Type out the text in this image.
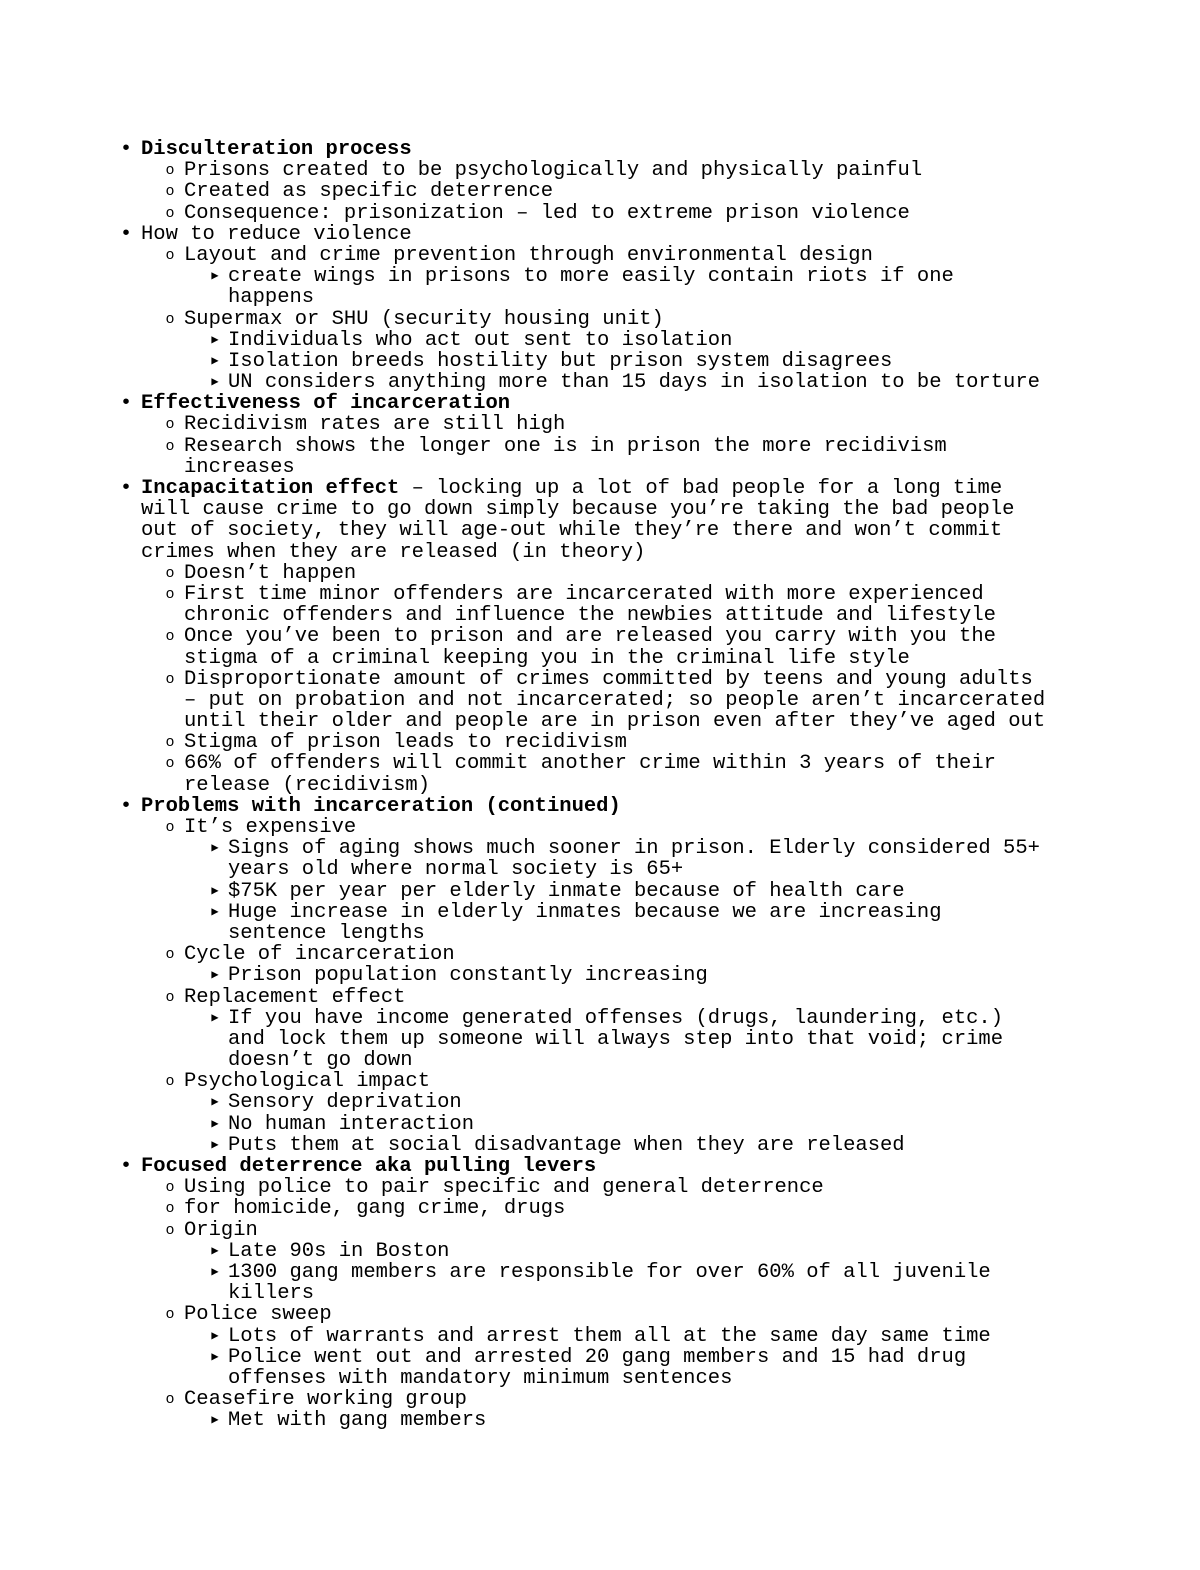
• Disculteration process
o Prisons created to be psychologically and physically painful
o Created as specific deterrence
o Consequence: prisonization – led to extreme prison violence
• How to reduce violence
o Layout and crime prevention through environmental design
▶ create wings in prisons to more easily contain riots if one
happens
o Supermax or SHU (security housing unit)
▶ Individuals who act out sent to isolation
▶ Isolation breeds hostility but prison system disagrees
▶ UN considers anything more than 15 days in isolation to be torture
• Effectiveness of incarceration
o Recidivism rates are still high
o Research shows the longer one is in prison the more recidivism
increases
• Incapacitation effect – locking up a lot of bad people for a long time
will cause crime to go down simply because you’re taking the bad people
out of society, they will age-out while they’re there and won’t commit
crimes when they are released (in theory)
o Doesn’t happen
o First time minor offenders are incarcerated with more experienced
chronic offenders and influence the newbies attitude and lifestyle
o Once you’ve been to prison and are released you carry with you the
stigma of a criminal keeping you in the criminal life style
o Disproportionate amount of crimes committed by teens and young adults
– put on probation and not incarcerated; so people aren’t incarcerated
until their older and people are in prison even after they’ve aged out
o Stigma of prison leads to recidivism
o 66% of offenders will commit another crime within 3 years of their
release (recidivism)
• Problems with incarceration (continued)
o It’s expensive
▶ Signs of aging shows much sooner in prison. Elderly considered 55+
years old where normal society is 65+
▶ $75K per year per elderly inmate because of health care
▶ Huge increase in elderly inmates because we are increasing
sentence lengths
o Cycle of incarceration
▶ Prison population constantly increasing
o Replacement effect
▶ If you have income generated offenses (drugs, laundering, etc.)
and lock them up someone will always step into that void; crime
doesn’t go down
o Psychological impact
▶ Sensory deprivation
▶ No human interaction
▶ Puts them at social disadvantage when they are released
• Focused deterrence aka pulling levers
o Using police to pair specific and general deterrence
o for homicide, gang crime, drugs
o Origin
▶ Late 90s in Boston
▶ 1300 gang members are responsible for over 60% of all juvenile
killers
o Police sweep
▶ Lots of warrants and arrest them all at the same day same time
▶ Police went out and arrested 20 gang members and 15 had drug
offenses with mandatory minimum sentences
o Ceasefire working group
▶ Met with gang members
